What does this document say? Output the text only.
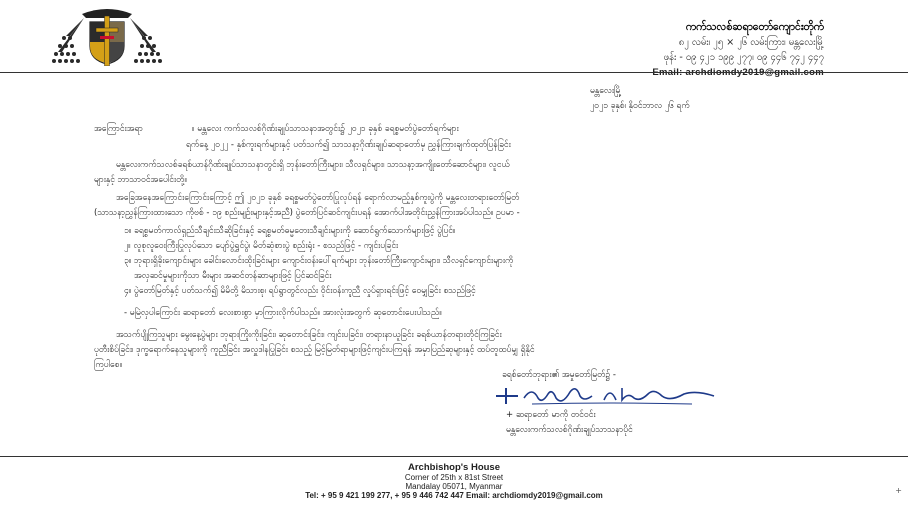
ကက်သလစ်ဆရာတော်ကျောင်းတိုက်
၈၂ လမ်း၊ ၂၅ × ၂၆ လမ်းကြား၊ မန္တလေးမြို့
ဖုန်း - ၀၉ ၄၂၁ ၁၉၉ ၂၇၇၊ ၀၉ ၄၄၆ ၇၄၂ ၄၄၇
Email: archdiomdy2019@gmail.com
မန္တလေးမြို့
၂၀၂၁ ခုနှစ်၊ နိုဝင်ဘာလ ၂၆ ရက်
အကြောင်းအရာ	။ မန္တလေး ကက်သလစ်ဂိုဏ်းချုပ်သာသနာအတွင်း၌ ၂၀၂၁ ခုနှစ် ခရစ္စမတ်ပွဲတော်ရက်များ
ရက်နေ့ ၂၀၂၂ - နှစ်ကူးရက်များနှင့် ပတ်သက်၍ သာသနာ့ဂိုဏ်းချုပ်ဆရာတော်မှ ညွှန်ကြားချက်ထုတ်ပြန်ခြင်း
မန္တလေးကက်သလစ်ခရစ်ယာန်ဂိုဏ်းချုပ်သာသနာတွင်းရှိ ဘုန်းတော်ကြီးများ၊ သီလရှင်များ၊ သာသနာ့အကျိုးတော်ဆောင်များ၊ လူငယ်
များနှင့် ဘာသာဝင်အပေါင်းတို့။
အခြေအနေအကြောင်းကြောင်းကြောင့် ဤ ၂၀၂၁ ခုနှစ် ခရစ္စမတ်ပွဲတော်ပြုလုပ်ရန် ရောက်လာမည့်နှစ်ကူးပွဲကို မန္တလေးတရားတော်မြတ်
(သာသနာ့ညွှန်ကြားထားသော ကိုဗစ် - ၁၉ စည်းမျဉ်းများနှင့်အညီ) ပွဲတော်ပြင်ဆင်ကျင်းပရန် အောက်ပါအတိုင်းညွှန်ကြားအပ်ပါသည်။ ဥပမာ -
၁။ ခရစ္စမတ်ကာလ်ရှည်သီချင်းသီဆိုခြင်းနှင့် ခရစ္စမတ်ဓမ္မတေးသီချင်းများကို ဆောင်ရွက်သောက်များဖြင့် ပွဲပြင်။
၂။ လူစုလူဝေးကြီးပြုလုပ်သော ပျော်ပွဲရွှင်ပွဲ၊ မိတ်ဆုံစားပွဲ စည်းရုံး - စသည်ဖြင့် - ကျင်းပခြင်း
၃။ ဘုရားရှိခိုးကျောင်းများ ခေါင်းလောင်းထိုးခြင်းများ ကျောင်းဝန်းပေါ်ရက်များ ဘုန်းတော်ကြီးကျောင်းများ၊ သီလရှင်ကျောင်းများကို
အလှဆင်မှုများကိုသာ မီးများ အဆင်တန်ဆာများဖြင့် ပြင်ဆင်ခြင်း
၄။ ပွဲတော်မြတ်နှင့် ပတ်သက်၍ မိမိတို့ မိသားစု၊ ရပ်ရွာတွင်လည်း ဝိုင်းဝန်းကူညီ လှုပ်ရှားရင်းဖြင့် ဝေမျှခြင်း စသည်ဖြင့်
- မမြဲလှပါကြောင်း ဆရာတော် လေးစားစွာ မှာကြားလိုက်ပါသည်။ အားလုံးအတွက် ဆုတောင်းပေးပါသည်။
အသက်ပျိုကြသူများ မွေးနေ့ပွဲများ ဘုရားကြိုးကိုးခြင်း၊ ဆုတောင်းခြင်း၊ ကျင်းပခြင်း၊ တရားနာယူခြင်း ခရစ်ယာန်တရားတိုင်ကြခြင်း
ပုတီးစိပ်ခြင်း၊ ဒုက္ခရောက်နေသူများကို ကူညီခြင်း အလှူဒါနပြုခြင်း စသည့် မြင့်မြတ်ရာများဖြင့်ကျင်းပကြရန် အမှာပြည်ဆုများနှင့် ထပ်တူထပ်မျှ ရှိနိုင်
ကြပါစေ။
ခရစ်တော်ဘုရား၏ အမှုတော်မြတ်၌ -
+ ဆရာတော် မာကို တင်ဝင်း
မန္တလေးကက်သလစ်ဂိုဏ်းချုပ်သာသနာပိုင်
Archbishop's House
Corner of 25th x 81st Street
Mandalay 05071, Myanmar
Tel: + 95 9 421 199 277, + 95 9 446 742 447 Email: archdiomdy2019@gmail.com
+
